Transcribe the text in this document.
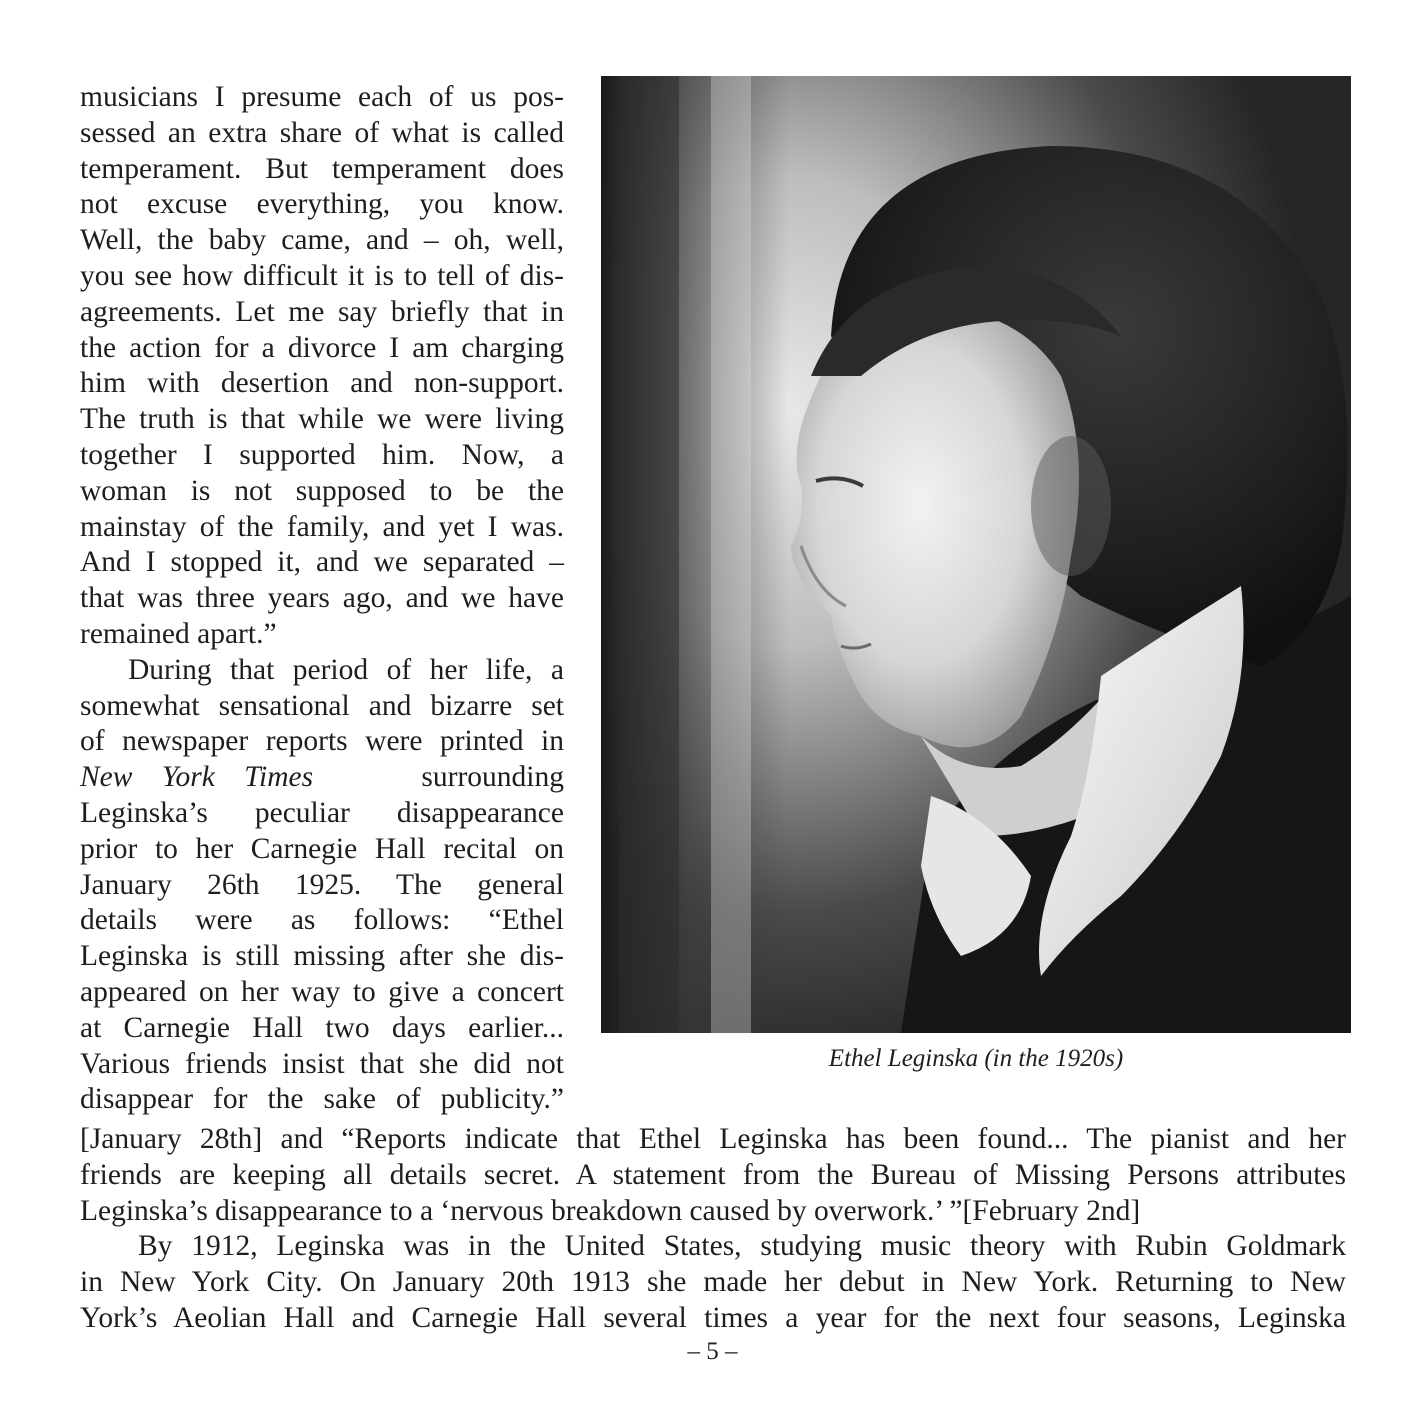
musicians I presume each of us pos-
sessed an extra share of what is called
temperament. But temperament does
not excuse everything, you know.
Well, the baby came, and – oh, well,
you see how difficult it is to tell of dis-
agreements. Let me say briefly that in
the action for a divorce I am charging
him with desertion and non-support.
The truth is that while we were living
together I supported him. Now, a
woman is not supposed to be the
mainstay of the family, and yet I was.
And I stopped it, and we separated –
that was three years ago, and we have
remained apart.”
During that period of her life, a
somewhat sensational and bizarre set
of newspaper reports were printed in
New York Times	surrounding
Leginska’s peculiar disappearance
prior to her Carnegie Hall recital on
January 26th 1925. The general
details were as follows: “Ethel
Leginska is still missing after she dis-
appeared on her way to give a concert
at Carnegie Hall two days earlier...
Various friends insist that she did not
disappear for the sake of publicity.”
Ethel Leginska (in the 1920s)
[January 28th] and “Reports indicate that Ethel Leginska has been found... The pianist and her
friends are keeping all details secret. A statement from the Bureau of Missing Persons attributes
Leginska’s disappearance to a ‘nervous breakdown caused by overwork.’ ”[February 2nd]
By 1912, Leginska was in the United States, studying music theory with Rubin Goldmark
in New York City. On January 20th 1913 she made her debut in New York. Returning to New
York’s Aeolian Hall and Carnegie Hall several times a year for the next four seasons, Leginska
– 5 –
